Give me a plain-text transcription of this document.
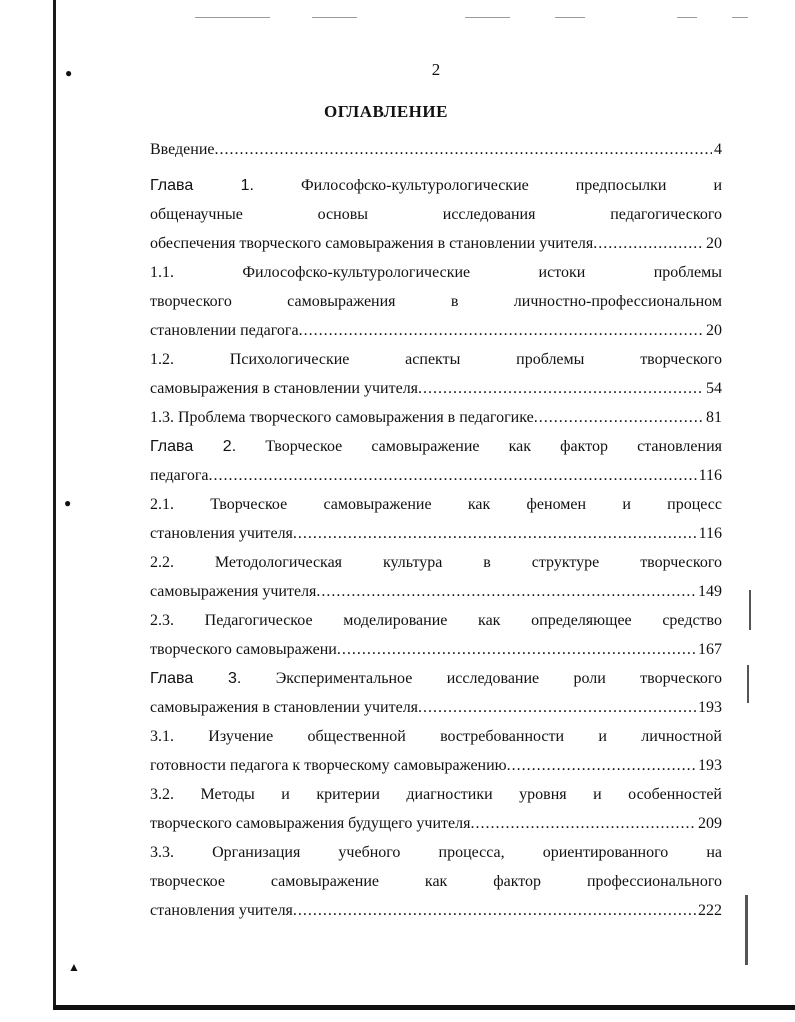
●
●
▲
2
ОГЛАВЛЕНИЕ
Введение .....	4
Глава 1.	Философско-культурологические предпосылки и
общенаучные основы исследования педагогического
обеспечения творческого самовыражения в становлении учителя .....	20
1.1. Философско-культурологические истоки проблемы
творческого самовыражения в личностно-профессиональном
становлении педагога .....	20
1.2. Психологические аспекты проблемы творческого
самовыражения в становлении учителя .....	54
1.3. Проблема творческого самовыражения в педагогике .....	81
Глава 2. Творческое самовыражение как фактор становления
педагога .....	116
2.1. Творческое самовыражение как феномен и процесс
становления учителя .....	116
2.2. Методологическая культура в структуре творческого
самовыражения учителя .....	149
2.3. Педагогическое моделирование как определяющее средство
творческого самовыражени .....	167
Глава 3. Экспериментальное исследование роли творческого
самовыражения в становлении учителя .....	193
3.1. Изучение общественной востребованности и личностной
готовности педагога к творческому самовыражению .....	193
3.2. Методы и критерии диагностики уровня и особенностей
творческого самовыражения будущего учителя .....	209
3.3. Организация учебного процесса, ориентированного на
творческое самовыражение как фактор профессионального
становления учителя .....	222
